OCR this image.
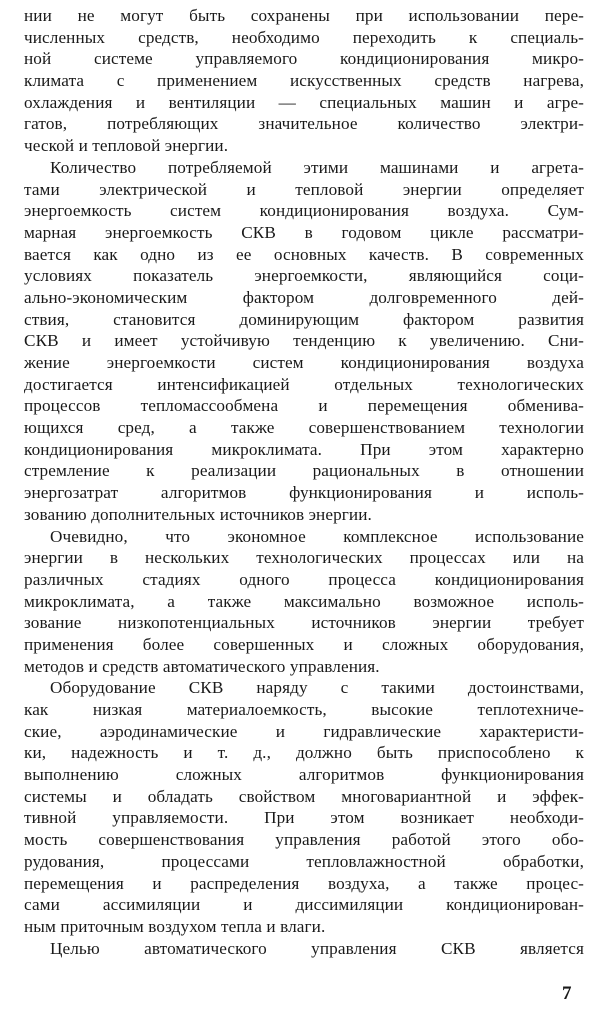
нии не могут быть сохранены при использовании пере-
численных средств, необходимо переходить к специаль-
ной системе управляемого кондиционирования микро-
климата с применением искусственных средств нагрева,
охлаждения и вентиляции — специальных машин и агре-
гатов, потребляющих значительное количество электри-
ческой и тепловой энергии.
Количество потребляемой этими машинами и агрета-
тами электрической и тепловой энергии определяет
энергоемкость систем кондиционирования воздуха. Сум-
марная энергоемкость СКВ в годовом цикле рассматри-
вается как одно из ее основных качеств. В современных
условиях показатель энергоемкости, являющийся соци-
ально-экономическим фактором долговременного дей-
ствия, становится доминирующим фактором развития
СКВ и имеет устойчивую тенденцию к увеличению. Сни-
жение энергоемкости систем кондиционирования воздуха
достигается интенсификацией отдельных технологических
процессов тепломассообмена и перемещения обменива-
ющихся сред, а также совершенствованием технологии
кондиционирования микроклимата. При этом характерно
стремление к реализации рациональных в отношении
энергозатрат алгоритмов функционирования и исполь-
зованию дополнительных источников энергии.
Очевидно, что экономное комплексное использование
энергии в нескольких технологических процессах или на
различных стадиях одного процесса кондиционирования
микроклимата, а также максимально возможное исполь-
зование низкопотенциальных источников энергии требует
применения более совершенных и сложных оборудования,
методов и средств автоматического управления.
Оборудование СКВ наряду с такими достоинствами,
как низкая материалоемкость, высокие теплотехниче-
ские, аэродинамические и гидравлические характеристи-
ки, надежность и т. д., должно быть приспособлено к
выполнению сложных алгоритмов функционирования
системы и обладать свойством многовариантной и эффек-
тивной управляемости. При этом возникает необходи-
мость совершенствования управления работой этого обо-
рудования, процессами тепловлажностной обработки,
перемещения и распределения воздуха, а также процес-
сами ассимиляции и диссимиляции кондиционирован-
ным приточным воздухом тепла и влаги.
Целью автоматического управления СКВ является
7
